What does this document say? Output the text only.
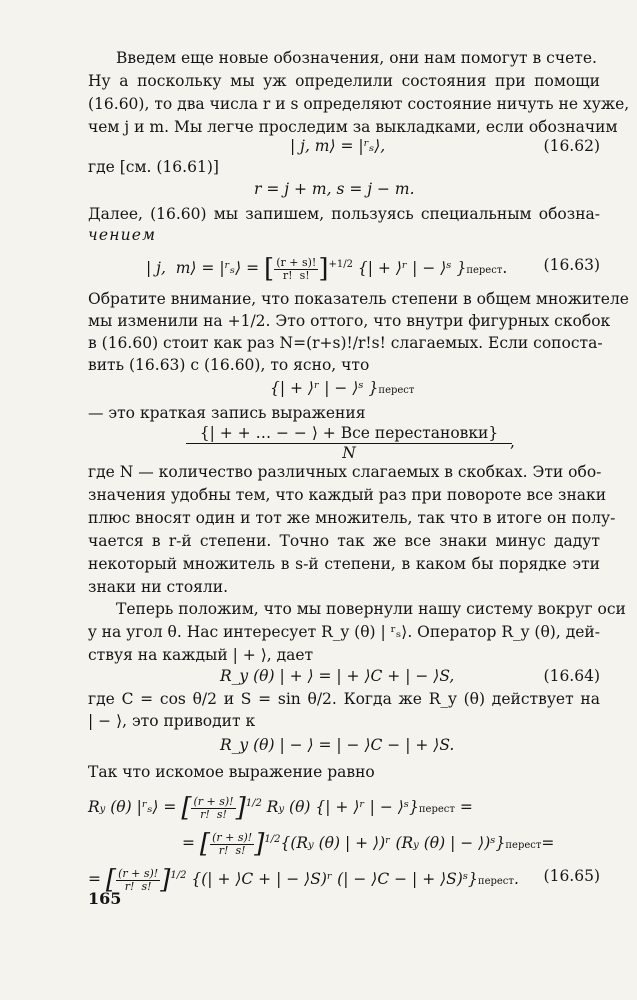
Введем еще новые обозначения, они нам помогут в счете.
Ну а поскольку мы уж определили состояния при помощи
(16.60), то два числа r и s определяют состояние ничуть не хуже,
чем j и m. Мы легче проследим за выкладками, если обозначим
| j, m⟩ = |ʳₛ⟩,	(16.62)
где [см. (16.61)]
r = j + m, s = j − m.
Далее, (16.60) мы запишем, пользуясь специальным обозна-
чением
| j,  m⟩ = |ʳₛ⟩ = [ $\frac{(r + s)!}{r! s!} ]^{+1/2}$ {| + ⟩ʳ | − ⟩ˢ }перест. (16.63)
Обратите внимание, что показатель степени в общем множителе
мы изменили на +1/2. Это оттого, что внутри фигурных скобок
в (16.60) стоит как раз N=(r+s)!/r!s! слагаемых. Если сопоста-
вить (16.63) с (16.60), то ясно, что
{| + ⟩ʳ | − ⟩ˢ }перест
— это краткая запись выражения
{| + + … − − ⟩ + Все перестановки}
N
,
где N — количество различных слагаемых в скобках. Эти обо-
значения удобны тем, что каждый раз при повороте все знаки
плюс вносят один и тот же множитель, так что в итоге он полу-
чается в r-й степени. Точно так же все знаки минус дадут
некоторый множитель в s-й степени, в каком бы порядке эти
знаки ни стояли.
Теперь положим, что мы повернули нашу систему вокруг оси
y на угол θ. Нас интересует R_y (θ) | ʳₛ⟩. Оператор R_y (θ), дей-
ствуя на каждый | + ⟩, дает
R_y (θ) | + ⟩ = | + ⟩C + | − ⟩S,	(16.64)
где C = cos θ/2 и S = sin θ/2. Когда же R_y (θ) действует на
| − ⟩, это приводит к
R_y (θ) | − ⟩ = | − ⟩C − | + ⟩S.
Так что искомое выражение равно
Ry (θ) |ʳₛ⟩ = [ $\frac{(r + s)!}{r! s!} ]^{1/2}$ Ry (θ) {| + ⟩ʳ | − ⟩ˢ}перест =
= [ $\frac{(r + s)!}{r! s!} ]^{1/2}\{(Ry$ (θ) | + ⟩)ʳ (Ry (θ) | − ⟩)ˢ}перест=
= [ $\frac{(r + s)!}{r! s!} ]^{1/2}$ {(| + ⟩C + | − ⟩S)ʳ (| − ⟩C − | + ⟩S)ˢ}перест. (16.65)
165
